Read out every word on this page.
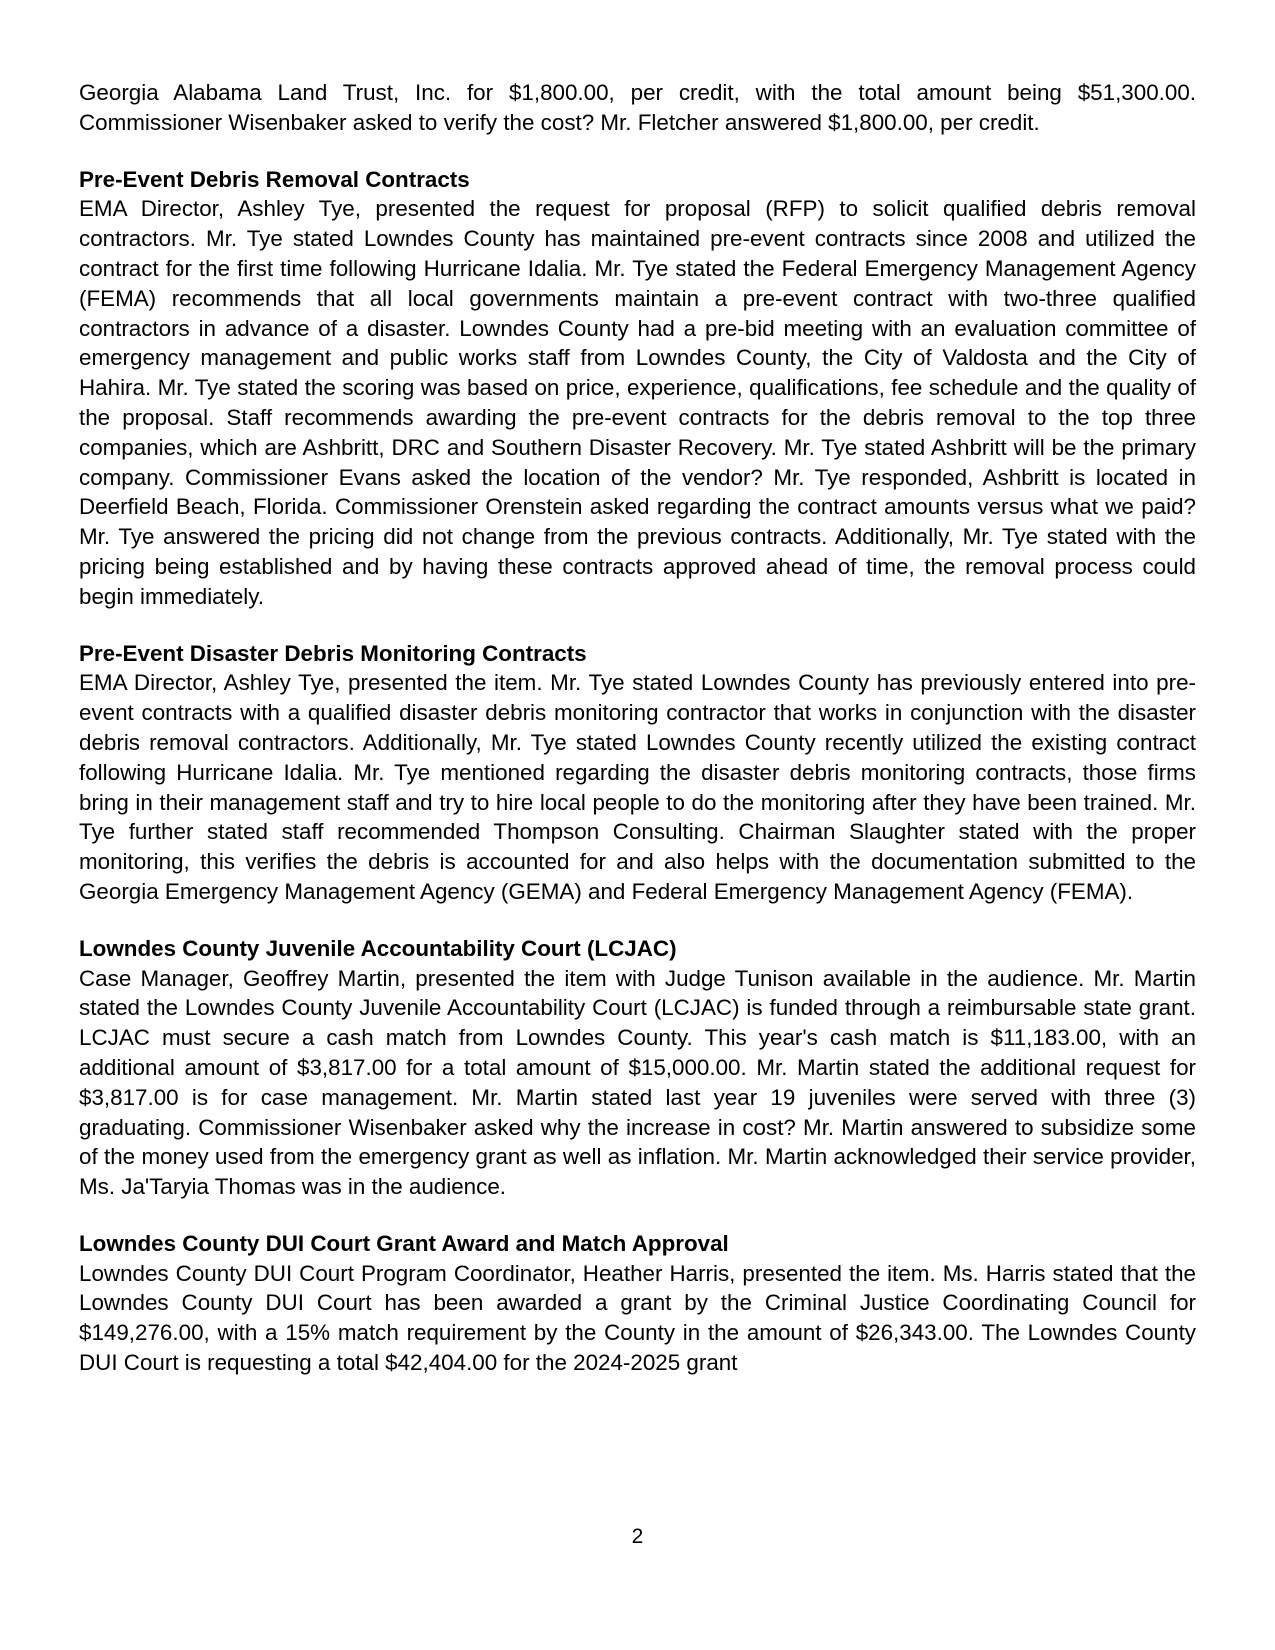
Georgia Alabama Land Trust, Inc. for $1,800.00, per credit, with the total amount being $51,300.00. Commissioner Wisenbaker asked to verify the cost? Mr. Fletcher answered $1,800.00, per credit.

Pre-Event Debris Removal Contracts

EMA Director, Ashley Tye, presented the request for proposal (RFP) to solicit qualified debris removal contractors. Mr. Tye stated Lowndes County has maintained pre-event contracts since 2008 and utilized the contract for the first time following Hurricane Idalia. Mr. Tye stated the Federal Emergency Management Agency (FEMA) recommends that all local governments maintain a pre-event contract with two-three qualified contractors in advance of a disaster. Lowndes County had a pre-bid meeting with an evaluation committee of emergency management and public works staff from Lowndes County, the City of Valdosta and the City of Hahira. Mr. Tye stated the scoring was based on price, experience, qualifications, fee schedule and the quality of the proposal. Staff recommends awarding the pre-event contracts for the debris removal to the top three companies, which are Ashbritt, DRC and Southern Disaster Recovery. Mr. Tye stated Ashbritt will be the primary company. Commissioner Evans asked the location of the vendor? Mr. Tye responded, Ashbritt is located in Deerfield Beach, Florida. Commissioner Orenstein asked regarding the contract amounts versus what we paid? Mr. Tye answered the pricing did not change from the previous contracts. Additionally, Mr. Tye stated with the pricing being established and by having these contracts approved ahead of time, the removal process could begin immediately.

Pre-Event Disaster Debris Monitoring Contracts

EMA Director, Ashley Tye, presented the item. Mr. Tye stated Lowndes County has previously entered into pre-event contracts with a qualified disaster debris monitoring contractor that works in conjunction with the disaster debris removal contractors. Additionally, Mr. Tye stated Lowndes County recently utilized the existing contract following Hurricane Idalia. Mr. Tye mentioned regarding the disaster debris monitoring contracts, those firms bring in their management staff and try to hire local people to do the monitoring after they have been trained. Mr. Tye further stated staff recommended Thompson Consulting. Chairman Slaughter stated with the proper monitoring, this verifies the debris is accounted for and also helps with the documentation submitted to the Georgia Emergency Management Agency (GEMA) and Federal Emergency Management Agency (FEMA).

Lowndes County Juvenile Accountability Court (LCJAC)

Case Manager, Geoffrey Martin, presented the item with Judge Tunison available in the audience. Mr. Martin stated the Lowndes County Juvenile Accountability Court (LCJAC) is funded through a reimbursable state grant. LCJAC must secure a cash match from Lowndes County. This year's cash match is $11,183.00, with an additional amount of $3,817.00 for a total amount of $15,000.00. Mr. Martin stated the additional request for $3,817.00 is for case management. Mr. Martin stated last year 19 juveniles were served with three (3) graduating. Commissioner Wisenbaker asked why the increase in cost? Mr. Martin answered to subsidize some of the money used from the emergency grant as well as inflation. Mr. Martin acknowledged their service provider, Ms. Ja'Taryia Thomas was in the audience.

Lowndes County DUI Court Grant Award and Match Approval

Lowndes County DUI Court Program Coordinator, Heather Harris, presented the item. Ms. Harris stated that the Lowndes County DUI Court has been awarded a grant by the Criminal Justice Coordinating Council for $149,276.00, with a 15% match requirement by the County in the amount of $26,343.00. The Lowndes County DUI Court is requesting a total $42,404.00 for the 2024-2025 grant

2
